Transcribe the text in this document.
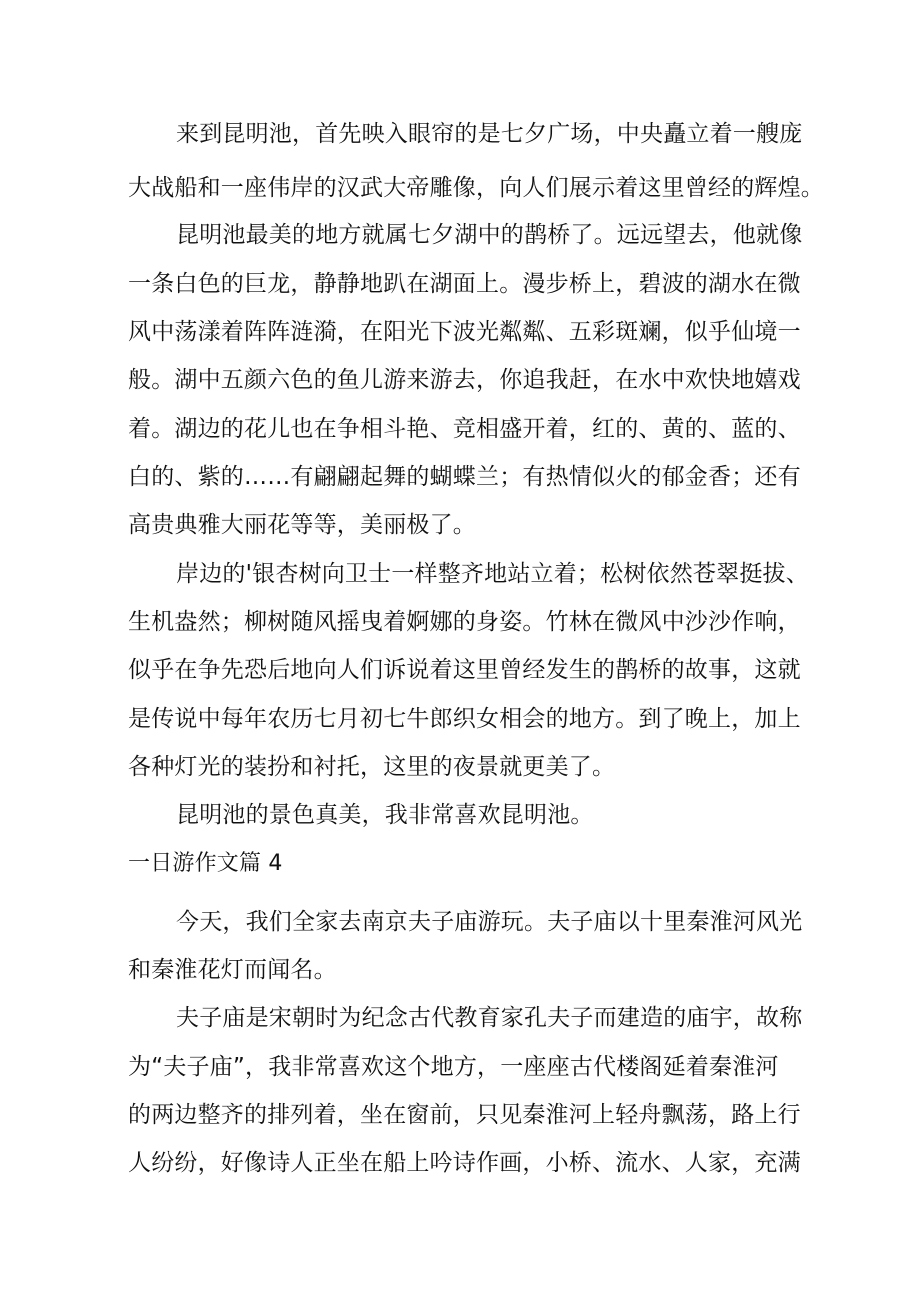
来到昆明池，首先映入眼帘的是七夕广场，中央矗立着一艘庞
大战船和一座伟岸的汉武大帝雕像，向人们展示着这里曾经的辉煌。
昆明池最美的地方就属七夕湖中的鹊桥了。远远望去，他就像
一条白色的巨龙，静静地趴在湖面上。漫步桥上，碧波的湖水在微
风中荡漾着阵阵涟漪，在阳光下波光粼粼、五彩斑斓，似乎仙境一
般。湖中五颜六色的鱼儿游来游去，你追我赶，在水中欢快地嬉戏
着。湖边的花儿也在争相斗艳、竞相盛开着，红的、黄的、蓝的、
白的、紫的……有翩翩起舞的蝴蝶兰；有热情似火的郁金香；还有
高贵典雅大丽花等等，美丽极了。
岸边的'银杏树向卫士一样整齐地站立着；松树依然苍翠挺拔、
生机盎然；柳树随风摇曳着婀娜的身姿。竹林在微风中沙沙作响，
似乎在争先恐后地向人们诉说着这里曾经发生的鹊桥的故事，这就
是传说中每年农历七月初七牛郎织女相会的地方。到了晚上，加上
各种灯光的装扮和衬托，这里的夜景就更美了。
昆明池的景色真美，我非常喜欢昆明池。
一日游作文篇 4
今天，我们全家去南京夫子庙游玩。夫子庙以十里秦淮河风光
和秦淮花灯而闻名。
夫子庙是宋朝时为纪念古代教育家孔夫子而建造的庙宇，故称
为“夫子庙”，我非常喜欢这个地方，一座座古代楼阁延着秦淮河
的两边整齐的排列着，坐在窗前，只见秦淮河上轻舟飘荡，路上行
人纷纷，好像诗人正坐在船上吟诗作画，小桥、流水、人家，充满
